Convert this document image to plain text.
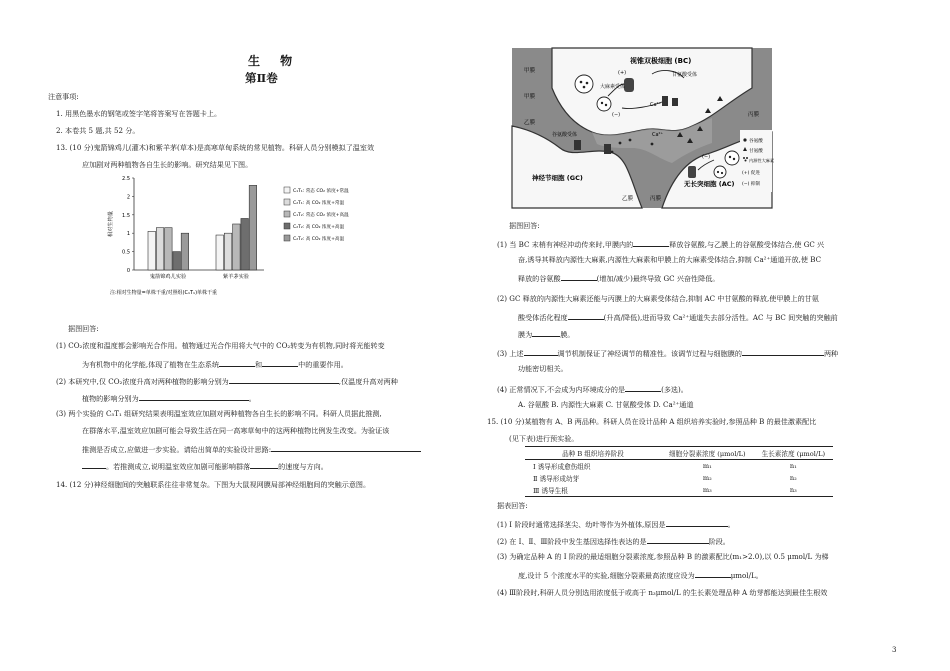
生 物
第Ⅱ卷
注意事项:
1. 用黑色墨水的钢笔或签字笔将答案写在答题卡上。
2. 本卷共 5 题,共 52 分。
13. (10 分)鬼箭锦鸡儿(灌木)和紫羊茅(草本)是高寒草甸系统的常见植物。科研人员分别模拟了温室效
应加剧对两种植物各自生长的影响。研究结果见下图。
0
0.5
1
1.5
2
2.5
相对生物量
鬼箭锦鸡儿实验	紫羊茅实验
C₁T₁: 常态 CO₂ 浓度+常温
C₂T₁: 高 CO₂ 浓度+常温
C₁T₂: 常态 CO₂ 浓度+高温
C₂T₂: 高 CO₂ 浓度+高温
C₂T₂: 高 CO₂ 浓度+高温
注:相对生物量=单株干重/对照组(C₁T₁)单株干重
据图回答:
(1) CO₂浓度和温度都会影响光合作用。植物通过光合作用将大气中的 CO₂转变为有机物,同时将光能转变
为有机物中的化学能,体现了植物在生态系统	和	中的重要作用。
(2) 本研究中,仅 CO₂浓度升高对两种植物的影响分别为	,仅温度升高对两种
植物的影响分别为	。
(3) 两个实验的 C₅T₁ 组研究结果表明温室效应加剧对两种植物各自生长的影响不同。科研人员据此推测,
在群落水平,温室效应加剧可能会导致生活在同一高寒草甸中的这两种植物比例发生改变。为验证该
推测是否成立,应做进一步实验。请给出简单的实验设计思路:
。若推测成立,说明温室效应加剧可能影响群落	的速度与方向。
14. (12 分)神经细胞间的突触联系往往非常复杂。下图为大鼠视网膜局部神经细胞间的突触示意图。
视锥双极细胞 (BC)
甲膜
甲膜
乙膜
乙膜
丙膜
丙膜
神经节细胞 (GC)
无长突细胞 (AC)
大麻素受体
甘氨酸受体
谷氨酸受体
Ca²⁺
Ca²⁺
(+)
(−)
(−)
谷氨酸
甘氨酸
内源性大麻素
(+) 促进
(−) 抑制
据图回答:
(1) 当 BC 末梢有神经冲动传来时,甲膜内的	释放谷氨酸,与乙膜上的谷氨酸受体结合,使 GC 兴
奋,诱导其释放内源性大麻素,内源性大麻素和甲膜上的大麻素受体结合,抑制 Ca²⁺通道开放,使 BC
释放的谷氨酸	(增加/减少)最终导致 GC 兴奋性降低。
(2) GC 释放的内源性大麻素还能与丙膜上的大麻素受体结合,抑制 AC 中甘氨酸的释放,使甲膜上的甘氨
酸受体活化程度	(升高/降低),进而导致 Ca²⁺通道失去部分活性。AC 与 BC 间突触的突触前
膜为	膜。
(3) 上述	调节机制保证了神经调节的精准性。该调节过程与细胞膜的	两种
功能密切相关。
(4) 正常情况下,不会成为内环境成分的是	(多选)。
A. 谷氨酸 B. 内源性大麻素 C. 甘氨酸受体 D. Ca²⁺通道
15. (10 分)某植物有 A、B 两品种。科研人员在设计品种 A 组织培养实验时,参照品种 B 的最佳激素配比
(见下表)进行预实验。
品种 B 组织培养阶段	细胞分裂素浓度 (μmol/L)	生长素浓度 (μmol/L)
Ⅰ 诱导形成愈伤组织	m₁	n₁
Ⅱ 诱导形成幼芽	m₂	n₂
Ⅲ 诱导生根	m₃	n₃
据表回答:
(1) Ⅰ 阶段时通常选择茎尖、幼叶等作为外植体,原因是	。
(2) 在 Ⅰ、Ⅱ、Ⅲ阶段中发生基因选择性表达的是	阶段。
(3) 为确定品种 A 的 Ⅰ 阶段的最适细胞分裂素浓度,参照品种 B 的激素配比(m₁>2.0),以 0.5 μmol/L 为梯
度,设计 5 个浓度水平的实验,细胞分裂素最高浓度应设为	μmol/L。
(4) Ⅲ阶段时,科研人员分别选用浓度低于或高于 n₃μmol/L 的生长素处理品种 A 幼芽都能达到最佳生根效
3
